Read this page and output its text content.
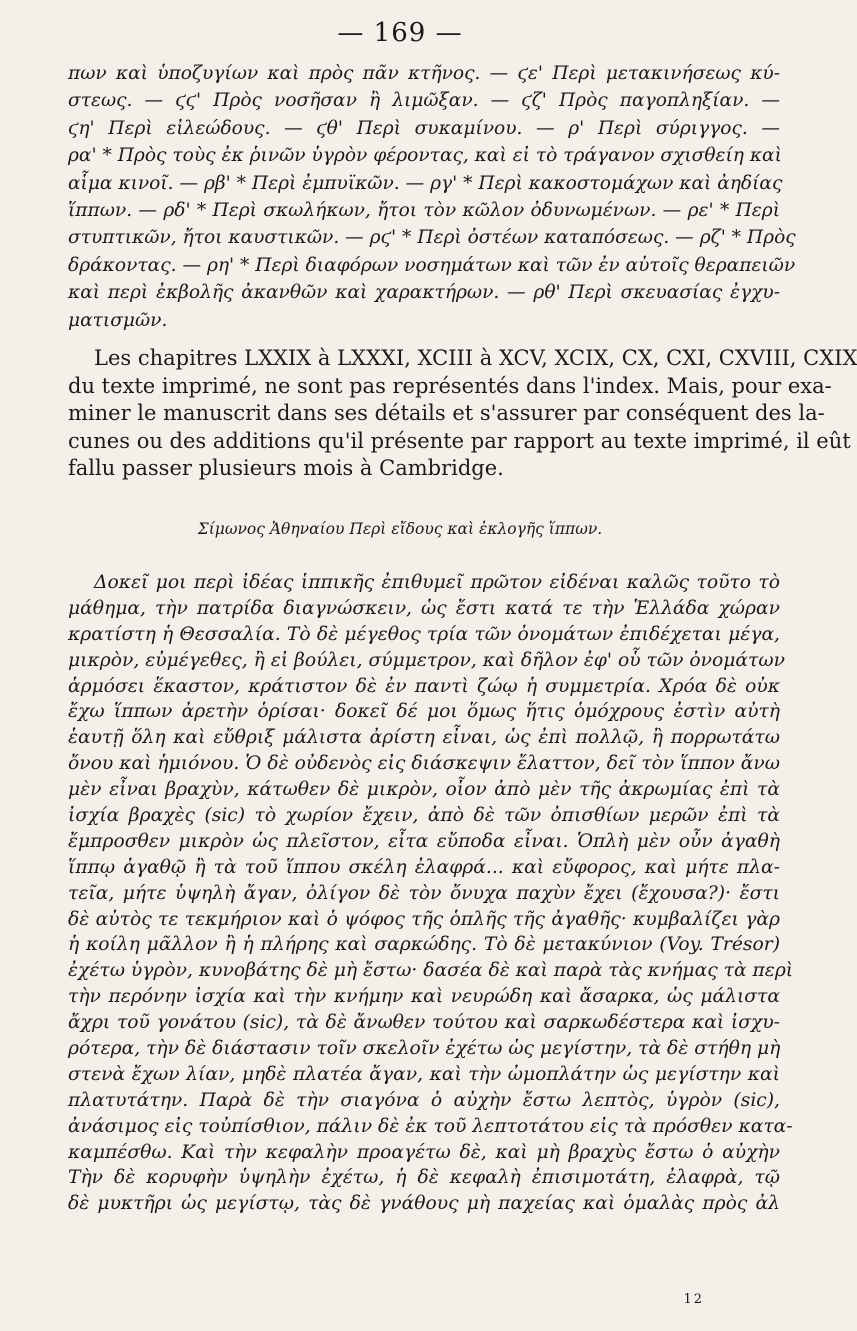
— 169 —
πων καὶ ὑποζυγίων καὶ πρὸς πᾶν κτῆνος. — ϛε' Περὶ μετακινήσεως κύ-
στεως. — ϛϛ' Πρὸς νοσῆσαν ἢ λιμῶξαν. — ϛζ' Πρὸς παγοπληξίαν. —
ϛη' Περὶ εἰλεώδους. — ϛθ' Περὶ συκαμίνου. — ρ' Περὶ σύριγγος. —
ρα' * Πρὸς τοὺς ἐκ ῥινῶν ὑγρὸν φέροντας, καὶ εἰ τὸ τράγανον σχισθείη καὶ
αἷμα κινοῖ. — ρβ' * Περὶ ἐμπυϊκῶν. — ργ' * Περὶ κακοστομάχων καὶ ἀηδίας
ἵππων. — ρδ' * Περὶ σκωλήκων, ἤτοι τὸν κῶλον ὀδυνωμένων. — ρε' * Περὶ
στυπτικῶν, ἤτοι καυστικῶν. — ρϛ' * Περὶ ὀστέων καταπόσεως. — ρζ' * Πρὸς
δράκοντας. — ρη' * Περὶ διαφόρων νοσημάτων καὶ τῶν ἐν αὐτοῖς θεραπειῶν
καὶ περὶ ἐκβολῆς ἀκανθῶν καὶ χαρακτήρων. — ρθ' Περὶ σκευασίας ἐγχυ-
ματισμῶν.
Les chapitres LXXIX à LXXXI, XCIII à XCV, XCIX, CX, CXI, CXVIII, CXIX
du texte imprimé, ne sont pas représentés dans l'index. Mais, pour exa-
miner le manuscrit dans ses détails et s'assurer par conséquent des la-
cunes ou des additions qu'il présente par rapport au texte imprimé, il eût
fallu passer plusieurs mois à Cambridge.
Σίμωνος Ἀθηναίου Περὶ εἴδους καὶ ἐκλογῆς ἵππων.
Δοκεῖ μοι περὶ ἰδέας ἱππικῆς ἐπιθυμεῖ πρῶτον εἰδέναι καλῶς τοῦτο τὸ
μάθημα, τὴν πατρίδα διαγνώσκειν, ὡς ἔστι κατά τε τὴν Ἑλλάδα χώραν
κρατίστη ἡ Θεσσαλία. Τὸ δὲ μέγεθος τρία τῶν ὀνομάτων ἐπιδέχεται μέγα,
μικρὸν, εὐμέγεθες, ἢ εἰ βούλει, σύμμετρον, καὶ δῆλον ἐφ' οὗ τῶν ὀνομάτων
ἁρμόσει ἕκαστον, κράτιστον δὲ ἐν παντὶ ζώῳ ἡ συμμετρία. Χρόα δὲ οὐκ
ἔχω ἵππων ἀρετὴν ὁρίσαι· δοκεῖ δέ μοι ὅμως ἥτις ὁμόχρους ἐστὶν αὐτὴ
ἑαυτῇ ὅλη καὶ εὔθριξ μάλιστα ἀρίστη εἶναι, ὡς ἐπὶ πολλῷ, ἢ πορρωτάτω
ὄνου καὶ ἡμιόνου. Ὁ δὲ οὐδενὸς εἰς διάσκεψιν ἔλαττον, δεῖ τὸν ἵππον ἄνω
μὲν εἶναι βραχὺν, κάτωθεν δὲ μικρὸν, οἷον ἀπὸ μὲν τῆς ἀκρωμίας ἐπὶ τὰ
ἰσχία βραχὲς (sic) τὸ χωρίον ἔχειν, ἀπὸ δὲ τῶν ὀπισθίων μερῶν ἐπὶ τὰ
ἔμπροσθεν μικρὸν ὡς πλεῖστον, εἶτα εὔποδα εἶναι. Ὁπλὴ μὲν οὖν ἀγαθὴ
ἵππῳ ἀγαθῷ ἢ τὰ τοῦ ἵππου σκέλη ἐλαφρά... καὶ εὔφορος, καὶ μήτε πλα-
τεῖα, μήτε ὑψηλὴ ἄγαν, ὀλίγον δὲ τὸν ὄνυχα παχὺν ἔχει (ἔχουσα?)· ἔστι
δὲ αὐτὸς τε τεκμήριον καὶ ὁ ψόφος τῆς ὁπλῆς τῆς ἀγαθῆς· κυμβαλίζει γὰρ
ἡ κοίλη μᾶλλον ἢ ἡ πλήρης καὶ σαρκώδης. Τὸ δὲ μετακύνιον (Voy. Trésor)
ἐχέτω ὑγρὸν, κυνοβάτης δὲ μὴ ἔστω· δασέα δὲ καὶ παρὰ τὰς κνήμας τὰ περὶ
τὴν περόνην ἰσχία καὶ τὴν κνήμην καὶ νευρώδη καὶ ἄσαρκα, ὡς μάλιστα
ἄχρι τοῦ γονάτου (sic), τὰ δὲ ἄνωθεν τούτου καὶ σαρκωδέστερα καὶ ἰσχυ-
ρότερα, τὴν δὲ διάστασιν τοῖν σκελοῖν ἐχέτω ὡς μεγίστην, τὰ δὲ στήθη μὴ
στενὰ ἔχων λίαν, μηδὲ πλατέα ἄγαν, καὶ τὴν ὠμοπλάτην ὡς μεγίστην καὶ
πλατυτάτην. Παρὰ δὲ τὴν σιαγόνα ὁ αὐχὴν ἔστω λεπτὸς, ὑγρὸν (sic),
ἀνάσιμος εἰς τοὐπίσθιον, πάλιν δὲ ἐκ τοῦ λεπτοτάτου εἰς τὰ πρόσθεν κατα-
καμπέσθω. Καὶ τὴν κεφαλὴν προαγέτω δὲ, καὶ μὴ βραχὺς ἔστω ὁ αὐχὴν
Τὴν δὲ κορυφὴν ὑψηλὴν ἐχέτω, ἡ δὲ κεφαλὴ ἐπισιμοτάτη, ἐλαφρὰ, τῷ
δὲ μυκτῆρι ὡς μεγίστῳ, τὰς δὲ γνάθους μὴ παχείας καὶ ὁμαλὰς πρὸς ἀλ
12
